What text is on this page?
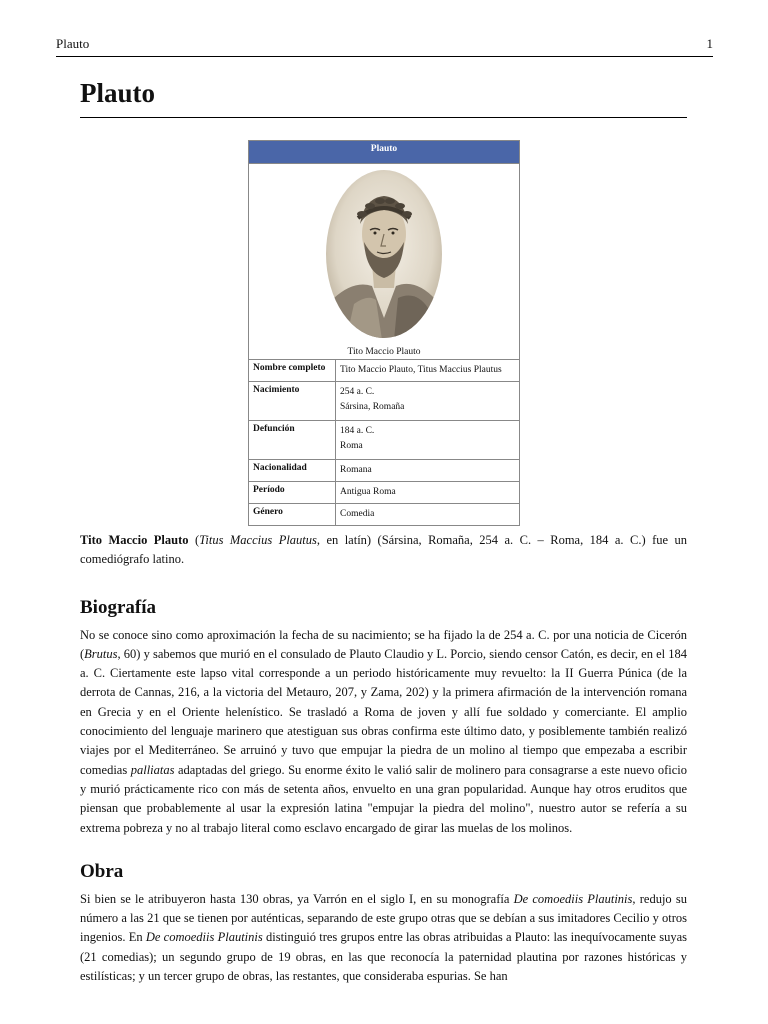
Plauto	1
Plauto
Plauto	

Tito Maccio Plauto	

Nombre completo	Tito Maccio Plauto, Titus Maccius Plautus

Nacimiento	254 a. C.
Sársina, Romaña

Defunción	184 a. C.
Roma

Nacionalidad	Romana

Período	Antigua Roma

Género	Comedia

Tito Maccio Plauto (Titus Maccius Plautus, en latín) (Sársina, Romaña, 254 a. C. – Roma, 184 a. C.) fue un comediógrafo latino.

Biografía

No se conoce sino como aproximación la fecha de su nacimiento; se ha fijado la de 254 a. C. por una noticia de Cicerón (Brutus, 60) y sabemos que murió en el consulado de Plauto Claudio y L. Porcio, siendo censor Catón, es decir, en el 184 a. C. Ciertamente este lapso vital corresponde a un periodo históricamente muy revuelto: la II Guerra Púnica (de la derrota de Cannas, 216, a la victoria del Metauro, 207, y Zama, 202) y la primera afirmación de la intervención romana en Grecia y en el Oriente helenístico. Se trasladó a Roma de joven y allí fue soldado y comerciante. El amplio conocimiento del lenguaje marinero que atestiguan sus obras confirma este último dato, y posiblemente también realizó viajes por el Mediterráneo. Se arruinó y tuvo que empujar la piedra de un molino al tiempo que empezaba a escribir comedias palliatas adaptadas del griego. Su enorme éxito le valió salir de molinero para consagrarse a este nuevo oficio y murió prácticamente rico con más de setenta años, envuelto en una gran popularidad. Aunque hay otros eruditos que piensan que probablemente al usar la expresión latina "empujar la piedra del molino", nuestro autor se refería a su extrema pobreza y no al trabajo literal como esclavo encargado de girar las muelas de los molinos.

Obra

Si bien se le atribuyeron hasta 130 obras, ya Varrón en el siglo I, en su monografía De comoediis Plautinis, redujo su número a las 21 que se tienen por auténticas, separando de este grupo otras que se debían a sus imitadores Cecilio y otros ingenios. En De comoediis Plautinis distinguió tres grupos entre las obras atribuidas a Plauto: las inequívocamente suyas (21 comedias); un segundo grupo de 19 obras, en las que reconocía la paternidad plautina por razones históricas y estilísticas; y un tercer grupo de obras, las restantes, que consideraba espurias. Se han
